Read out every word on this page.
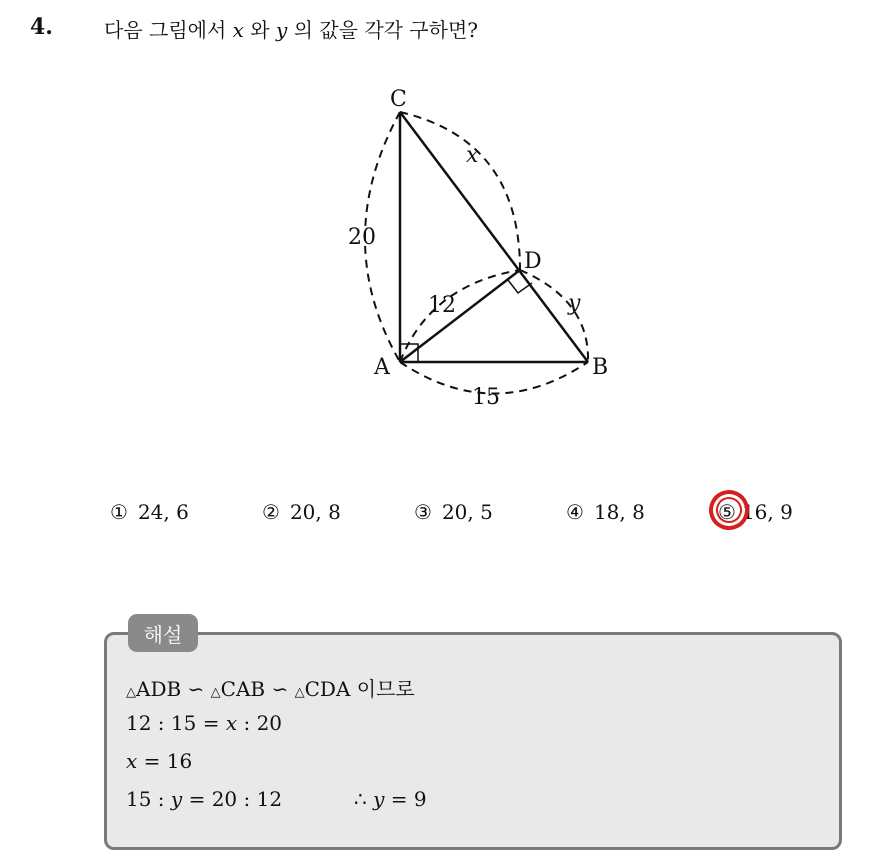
4.	다음 그림에서 x 와 y 의 값을 각각 구하면?
C
D
A	B
20
12
15
x
y
① 24, 6	② 20, 8	③ 20, 5	④ 18, 8	⑤ 16, 9
해설
△ADB ∽ △CAB ∽ △CDA 이므로
12 : 15 = x : 20
x = 16
15 : y = 20 : 12	∴ y = 9
